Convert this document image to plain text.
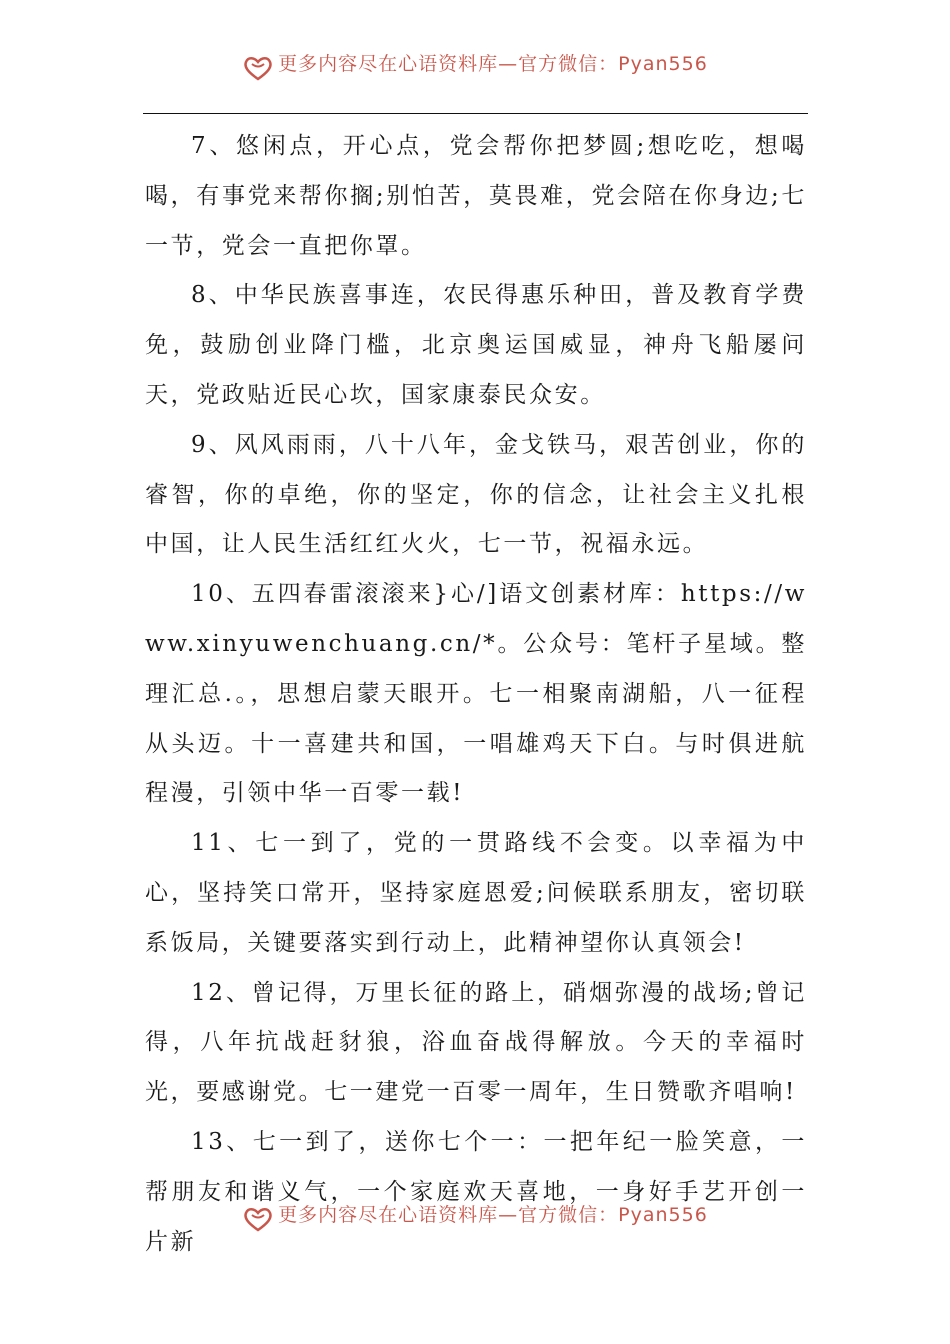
更多内容尽在心语资料库—官方微信：Pyan556

7、悠闲点，开心点，党会帮你把梦圆;想吃吃，想喝喝，有事党来帮你搁;别怕苦，莫畏难，党会陪在你身边;七一节，党会一直把你罩。

8、中华民族喜事连，农民得惠乐种田，普及教育学费免，鼓励创业降门槛，北京奥运国威显，神舟飞船屡问天，党政贴近民心坎，国家康泰民众安。

9、风风雨雨，八十八年，金戈铁马，艰苦创业，你的睿智，你的卓绝，你的坚定，你的信念，让社会主义扎根中国，让人民生活红红火火，七一节，祝福永远。

10、五四春雷滚滚来}心/]语文创素材库：https://www.xinyuwenchuang.cn/*。公众号：笔杆子星域。整理汇总.。，思想启蒙天眼开。七一相聚南湖船，八一征程从头迈。十一喜建共和国，一唱雄鸡天下白。与时俱进航程漫，引领中华一百零一载!

11、七一到了，党的一贯路线不会变。以幸福为中心，坚持笑口常开，坚持家庭恩爱;问候联系朋友，密切联系饭局，关键要落实到行动上，此精神望你认真领会!

12、曾记得，万里长征的路上，硝烟弥漫的战场;曾记得，八年抗战赶豺狼，浴血奋战得解放。今天的幸福时光，要感谢党。七一建党一百零一周年，生日赞歌齐唱响!

13、七一到了，送你七个一：一把年纪一脸笑意，一帮朋友和谐义气，一个家庭欢天喜地，一身好手艺开创一片新

更多内容尽在心语资料库—官方微信：Pyan556
